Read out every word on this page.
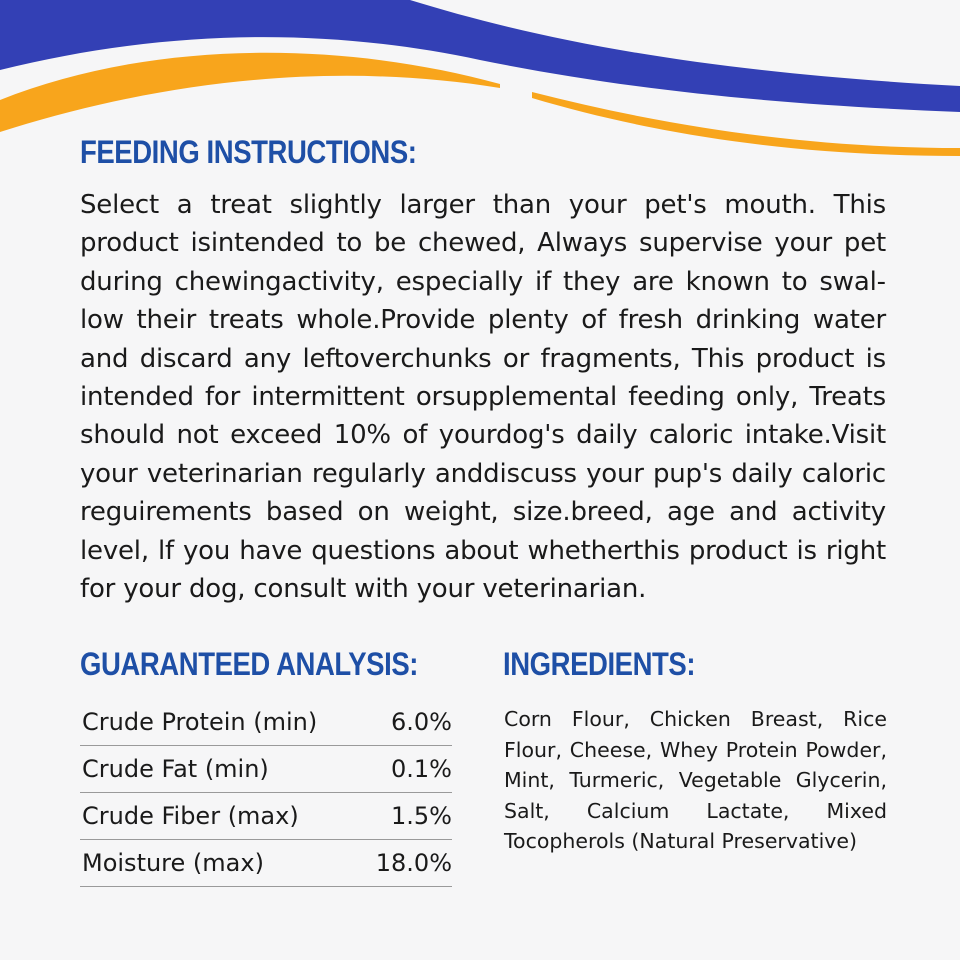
FEEDING INSTRUCTIONS:

Select a treat slightly larger than your pet's mouth. This product isintended to be chewed, Always supervise your pet during chewingactivity, especially if they are known to swallow their treats whole.Provide plenty of fresh drinking water and discard any leftoverchunks or fragments, This product is intended for intermittent orsupplemental feeding only, Treats should not exceed 10% of yourdog's daily caloric intake.Visit your veterinarian regularly anddiscuss your pup's daily caloric reguirements based on weight, size.breed, age and activity level, lf you have questions about whetherthis product is right for your dog, consult with your veterinarian.

GUARANTEED ANALYSIS:
Crude Protein (min)	6.0%
Crude Fat (min)	0.1%
Crude Fiber (max)	1.5%
Moisture (max)	18.0%
INGREDIENTS:

Corn Flour, Chicken Breast, Rice Flour, Cheese, Whey Protein Powder, Mint, Turmeric, Vegetable Glycerin, Salt, Calcium Lactate, Mixed Tocopherols (Natural Preservative)
